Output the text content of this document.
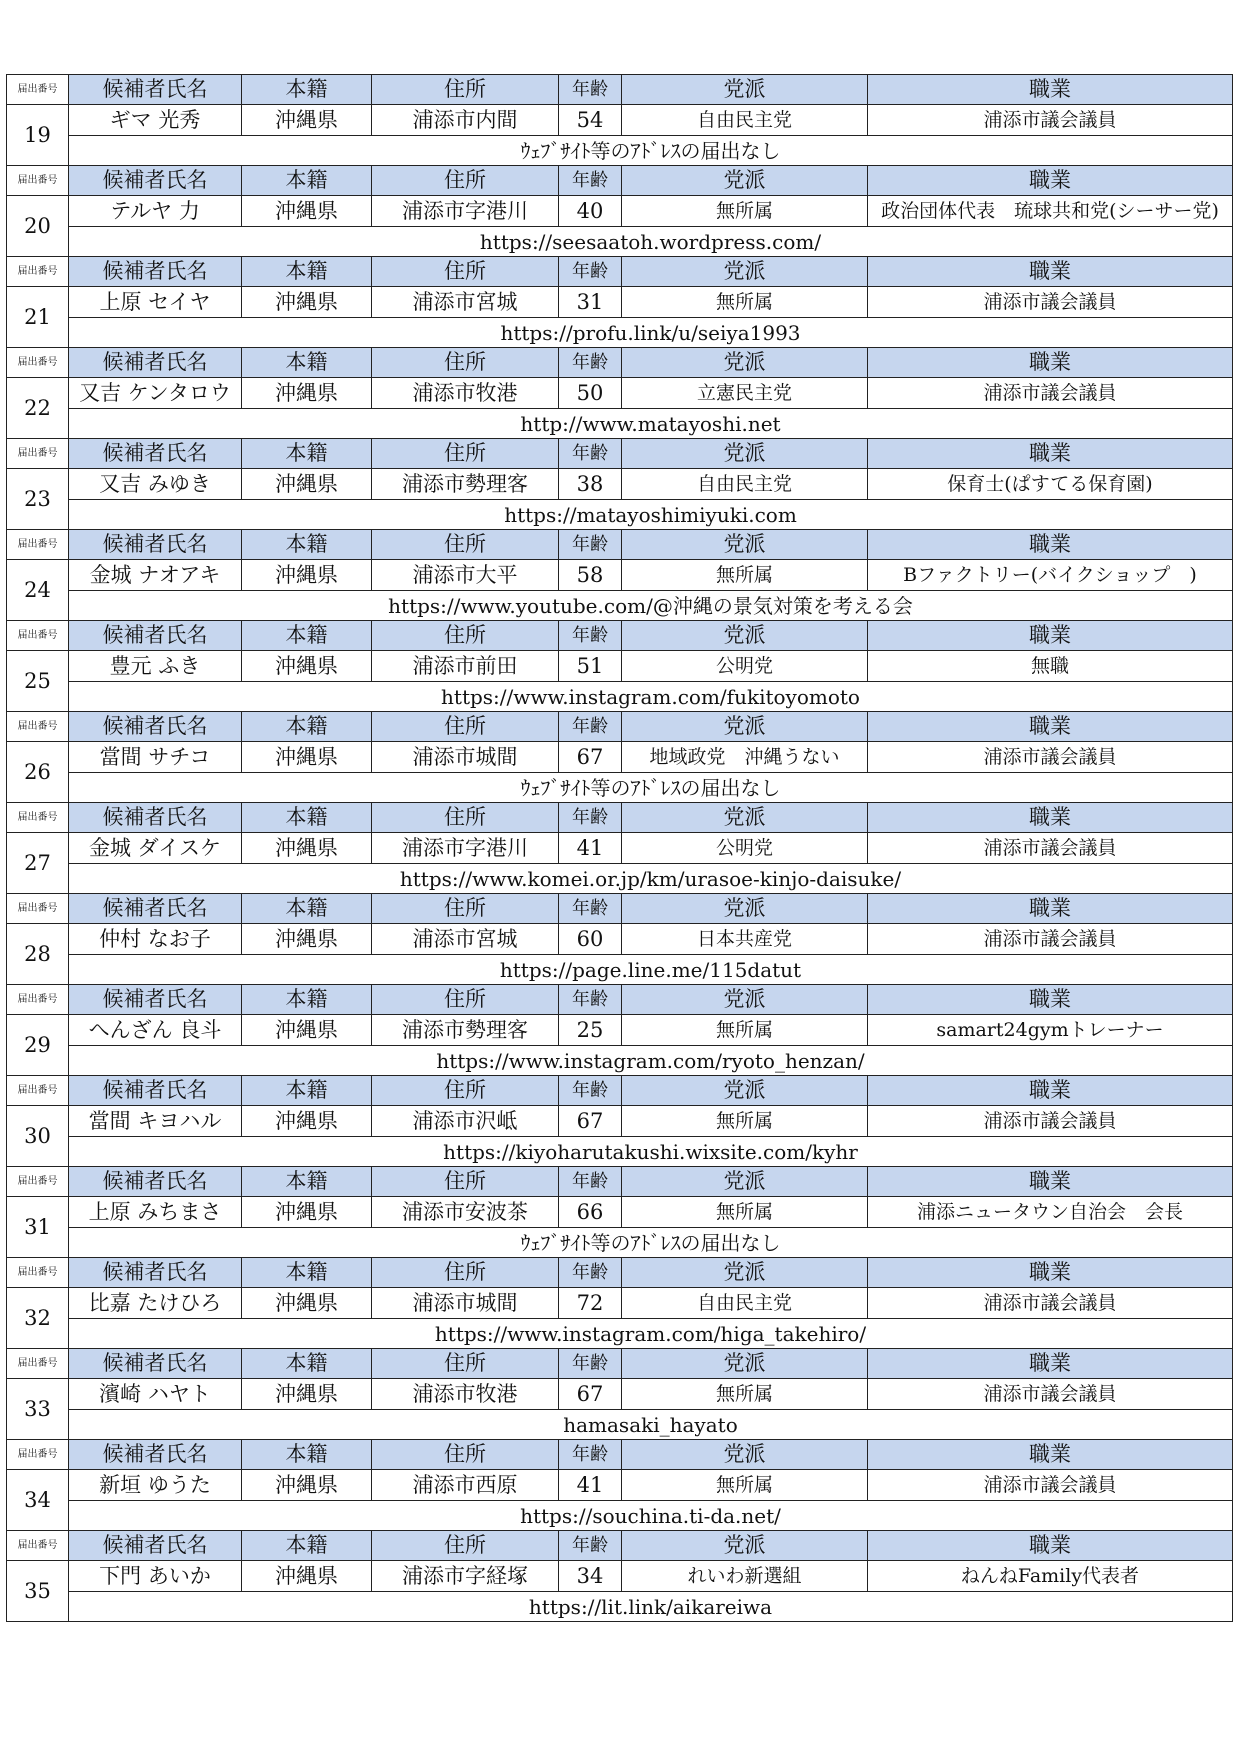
届出番号	候補者氏名	本籍	住所	年齢	党派	職業
19	ギマ 光秀	沖縄県	浦添市内間	54	自由民主党	浦添市議会議員
	ｳｪﾌﾞｻｲﾄ等のｱﾄﾞﾚｽの届出なし					
届出番号	候補者氏名	本籍	住所	年齢	党派	職業
20	テルヤ 力	沖縄県	浦添市字港川	40	無所属	政治団体代表　琉球共和党(シーサー党)
	https://seesaatoh.wordpress.com/					
届出番号	候補者氏名	本籍	住所	年齢	党派	職業
21	上原 セイヤ	沖縄県	浦添市宮城	31	無所属	浦添市議会議員
	https://profu.link/u/seiya1993					
届出番号	候補者氏名	本籍	住所	年齢	党派	職業
22	又吉 ケンタロウ	沖縄県	浦添市牧港	50	立憲民主党	浦添市議会議員
	http://www.matayoshi.net					
届出番号	候補者氏名	本籍	住所	年齢	党派	職業
23	又吉 みゆき	沖縄県	浦添市勢理客	38	自由民主党	保育士(ぱすてる保育園)
	https://matayoshimiyuki.com					
届出番号	候補者氏名	本籍	住所	年齢	党派	職業
24	金城 ナオアキ	沖縄県	浦添市大平	58	無所属	Bファクトリー(バイクショップ　)
	https://www.youtube.com/@沖縄の景気対策を考える会					
届出番号	候補者氏名	本籍	住所	年齢	党派	職業
25	豊元 ふき	沖縄県	浦添市前田	51	公明党	無職
	https://www.instagram.com/fukitoyomoto					
届出番号	候補者氏名	本籍	住所	年齢	党派	職業
26	當間 サチコ	沖縄県	浦添市城間	67	地域政党　沖縄うない	浦添市議会議員
	ｳｪﾌﾞｻｲﾄ等のｱﾄﾞﾚｽの届出なし					
届出番号	候補者氏名	本籍	住所	年齢	党派	職業
27	金城 ダイスケ	沖縄県	浦添市字港川	41	公明党	浦添市議会議員
	https://www.komei.or.jp/km/urasoe-kinjo-daisuke/					
届出番号	候補者氏名	本籍	住所	年齢	党派	職業
28	仲村 なお子	沖縄県	浦添市宮城	60	日本共産党	浦添市議会議員
	https://page.line.me/115datut					
届出番号	候補者氏名	本籍	住所	年齢	党派	職業
29	へんざん 良斗	沖縄県	浦添市勢理客	25	無所属	samart24gymトレーナー
	https://www.instagram.com/ryoto_henzan/					
届出番号	候補者氏名	本籍	住所	年齢	党派	職業
30	當間 キヨハル	沖縄県	浦添市沢岻	67	無所属	浦添市議会議員
	https://kiyoharutakushi.wixsite.com/kyhr					
届出番号	候補者氏名	本籍	住所	年齢	党派	職業
31	上原 みちまさ	沖縄県	浦添市安波茶	66	無所属	浦添ニュータウン自治会　会長
	ｳｪﾌﾞｻｲﾄ等のｱﾄﾞﾚｽの届出なし					
届出番号	候補者氏名	本籍	住所	年齢	党派	職業
32	比嘉 たけひろ	沖縄県	浦添市城間	72	自由民主党	浦添市議会議員
	https://www.instagram.com/higa_takehiro/					
届出番号	候補者氏名	本籍	住所	年齢	党派	職業
33	濱崎 ハヤト	沖縄県	浦添市牧港	67	無所属	浦添市議会議員
	hamasaki_hayato					
届出番号	候補者氏名	本籍	住所	年齢	党派	職業
34	新垣 ゆうた	沖縄県	浦添市西原	41	無所属	浦添市議会議員
	https://souchina.ti-da.net/					
届出番号	候補者氏名	本籍	住所	年齢	党派	職業
35	下門 あいか	沖縄県	浦添市字経塚	34	れいわ新選組	ねんねFamily代表者
	https://lit.link/aikareiwa					
